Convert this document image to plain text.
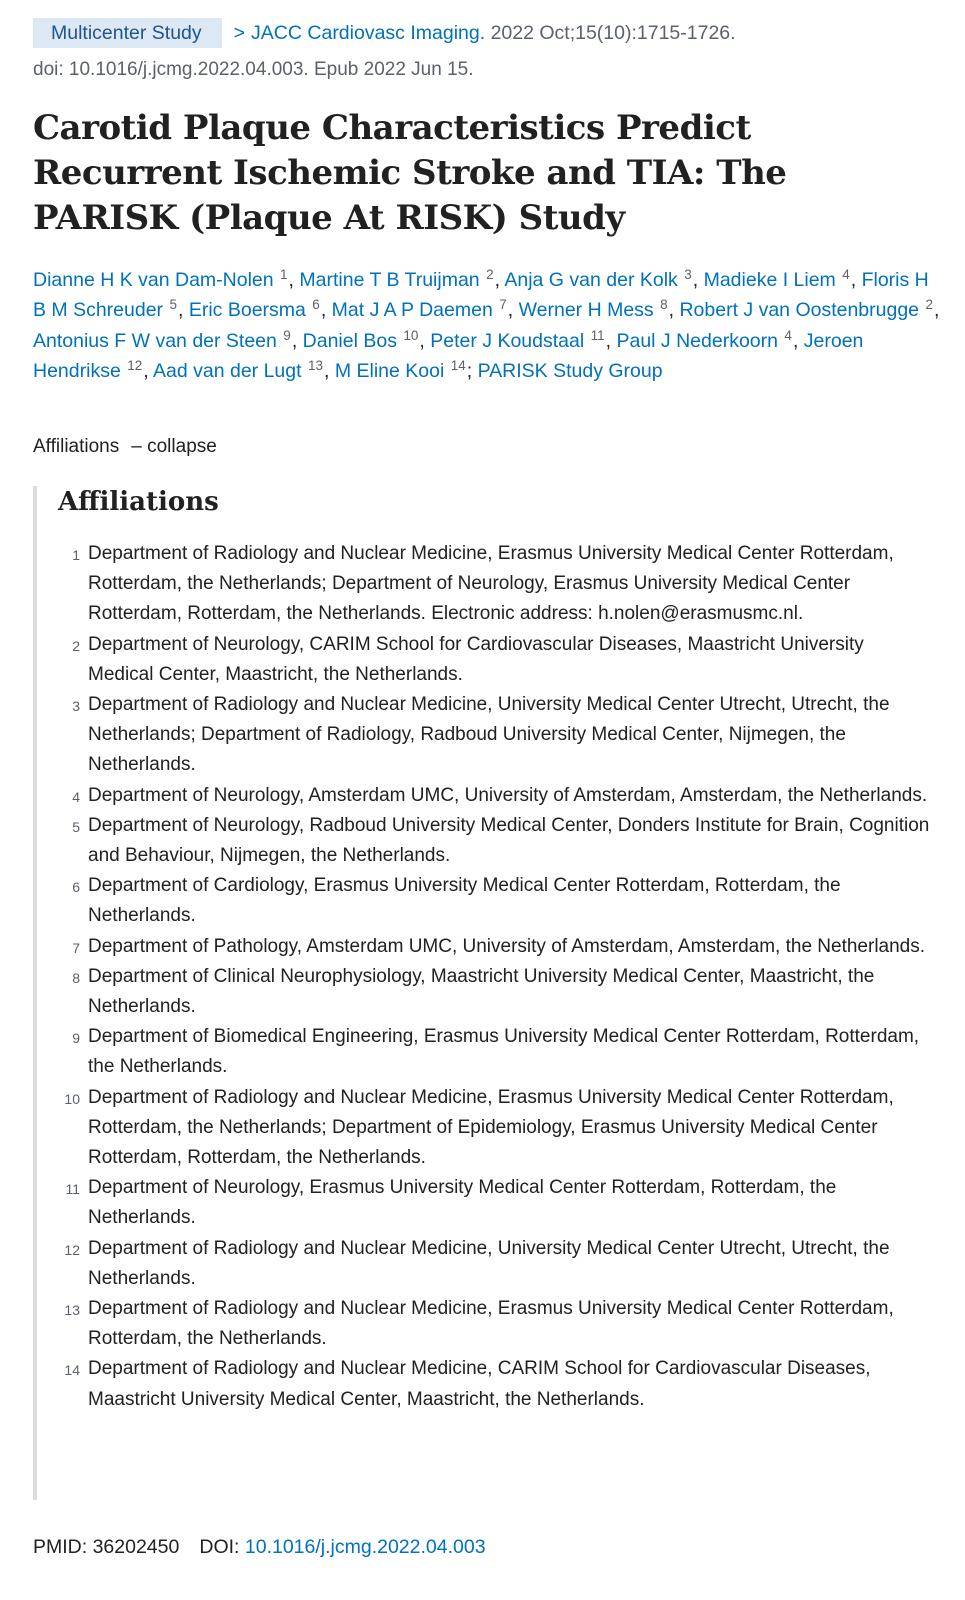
Multicenter Study > JACC Cardiovasc Imaging. 2022 Oct;15(10):1715-1726.
doi: 10.1016/j.jcmg.2022.04.003. Epub 2022 Jun 15.
Carotid Plaque Characteristics Predict Recurrent Ischemic Stroke and TIA: The PARISK (Plaque At RISK) Study
Dianne H K van Dam-Nolen $^1$, Martine T B Truijman $^2$, Anja G van der Kolk $^3$, Madieke I Liem $^4$, Floris H B M Schreuder $^5$, Eric Boersma $^6$, Mat J A P Daemen $^7$, Werner H Mess $^8$, Robert J van Oostenbrugge $^2$, Antonius F W van der Steen $^9$, Daniel Bos $^{10}$, Peter J Koudstaal $^{11}$, Paul J Nederkoorn $^4$, Jeroen Hendrikse $^{12}$, Aad van der Lugt $^{13}$, M Eline Kooi $^{14}$; PARISK Study Group
Affiliations – collapse
Affiliations
1 Department of Radiology and Nuclear Medicine, Erasmus University Medical Center Rotterdam, Rotterdam, the Netherlands; Department of Neurology, Erasmus University Medical Center Rotterdam, Rotterdam, the Netherlands. Electronic address: h.nolen@erasmusmc.nl.
2 Department of Neurology, CARIM School for Cardiovascular Diseases, Maastricht University Medical Center, Maastricht, the Netherlands.
3 Department of Radiology and Nuclear Medicine, University Medical Center Utrecht, Utrecht, the Netherlands; Department of Radiology, Radboud University Medical Center, Nijmegen, the Netherlands.
4 Department of Neurology, Amsterdam UMC, University of Amsterdam, Amsterdam, the Netherlands.
5 Department of Neurology, Radboud University Medical Center, Donders Institute for Brain, Cognition and Behaviour, Nijmegen, the Netherlands.
6 Department of Cardiology, Erasmus University Medical Center Rotterdam, Rotterdam, the Netherlands.
7 Department of Pathology, Amsterdam UMC, University of Amsterdam, Amsterdam, the Netherlands.
8 Department of Clinical Neurophysiology, Maastricht University Medical Center, Maastricht, the Netherlands.
9 Department of Biomedical Engineering, Erasmus University Medical Center Rotterdam, Rotterdam, the Netherlands.
10 Department of Radiology and Nuclear Medicine, Erasmus University Medical Center Rotterdam, Rotterdam, the Netherlands; Department of Epidemiology, Erasmus University Medical Center Rotterdam, Rotterdam, the Netherlands.
11 Department of Neurology, Erasmus University Medical Center Rotterdam, Rotterdam, the Netherlands.
12 Department of Radiology and Nuclear Medicine, University Medical Center Utrecht, Utrecht, the Netherlands.
13 Department of Radiology and Nuclear Medicine, Erasmus University Medical Center Rotterdam, Rotterdam, the Netherlands.
14 Department of Radiology and Nuclear Medicine, CARIM School for Cardiovascular Diseases, Maastricht University Medical Center, Maastricht, the Netherlands.
PMID: 36202450 DOI: 10.1016/j.jcmg.2022.04.003
